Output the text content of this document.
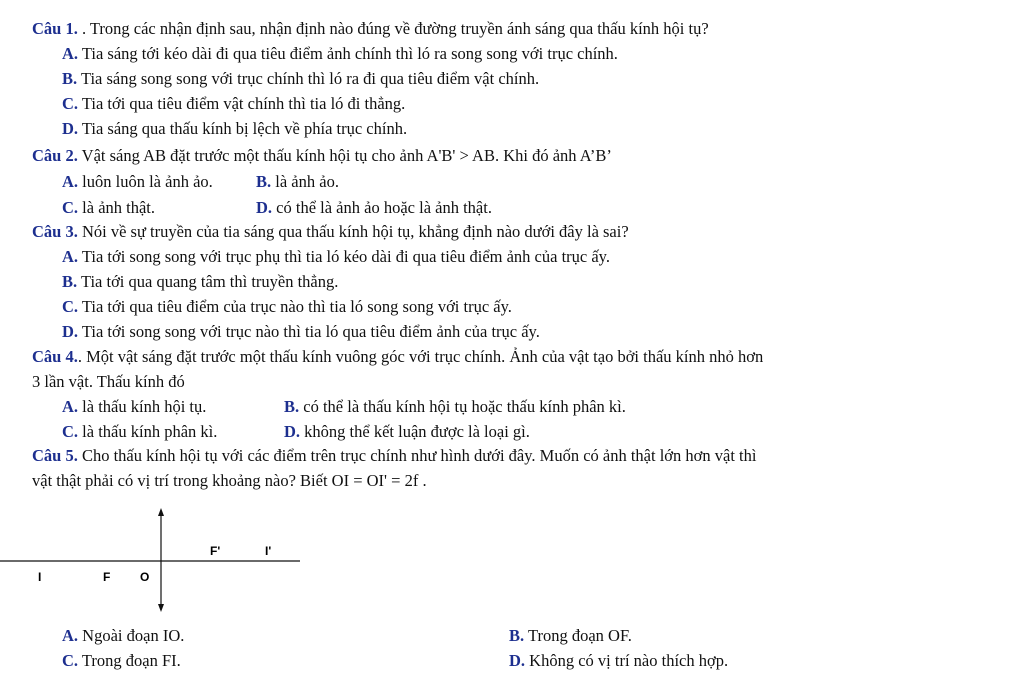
Câu 1. . Trong các nhận định sau, nhận định nào đúng về đường truyền ánh sáng qua thấu kính hội tụ?
A. Tia sáng tới kéo dài đi qua tiêu điểm ảnh chính thì ló ra song song với trục chính.
B. Tia sáng song song với trục chính thì ló ra đi qua tiêu điểm vật chính.
C. Tia tới qua tiêu điểm vật chính thì tia ló đi thẳng.
D. Tia sáng qua thấu kính bị lệch về phía trục chính.
Câu 2. Vật sáng AB đặt trước một thấu kính hội tụ cho ảnh A'B' > AB. Khi đó ảnh A’B’
A. luôn luôn là ảnh ảo.	B. là ảnh ảo.
C. là ảnh thật.	D. có thể là ảnh ảo hoặc là ảnh thật.
Câu 3. Nói về sự truyền của tia sáng qua thấu kính hội tụ, khẳng định nào dưới đây là sai?
A. Tia tới song song với trục phụ thì tia ló kéo dài đi qua tiêu điểm ảnh của trục ấy.
B. Tia tới qua quang tâm thì truyền thẳng.
C. Tia tới qua tiêu điểm của trục nào thì tia ló song song với trục ấy.
D. Tia tới song song với trục nào thì tia ló qua tiêu điểm ảnh của trục ấy.
Câu 4.. Một vật sáng đặt trước một thấu kính vuông góc với trục chính. Ảnh của vật tạo bởi thấu kính nhỏ hơn
3 lần vật. Thấu kính đó
A. là thấu kính hội tụ.	B. có thể là thấu kính hội tụ hoặc thấu kính phân kì.
C. là thấu kính phân kì.	D. không thể kết luận được là loại gì.
Câu 5. Cho thấu kính hội tụ với các điểm trên trục chính như hình dưới đây. Muốn có ảnh thật lớn hơn vật thì
vật thật phải có vị trí trong khoảng nào? Biết OI = OI' = 2f .
F'	I'
I	F O
A. Ngoài đoạn IO.	B. Trong đoạn OF.
C. Trong đoạn FI.	D. Không có vị trí nào thích hợp.
